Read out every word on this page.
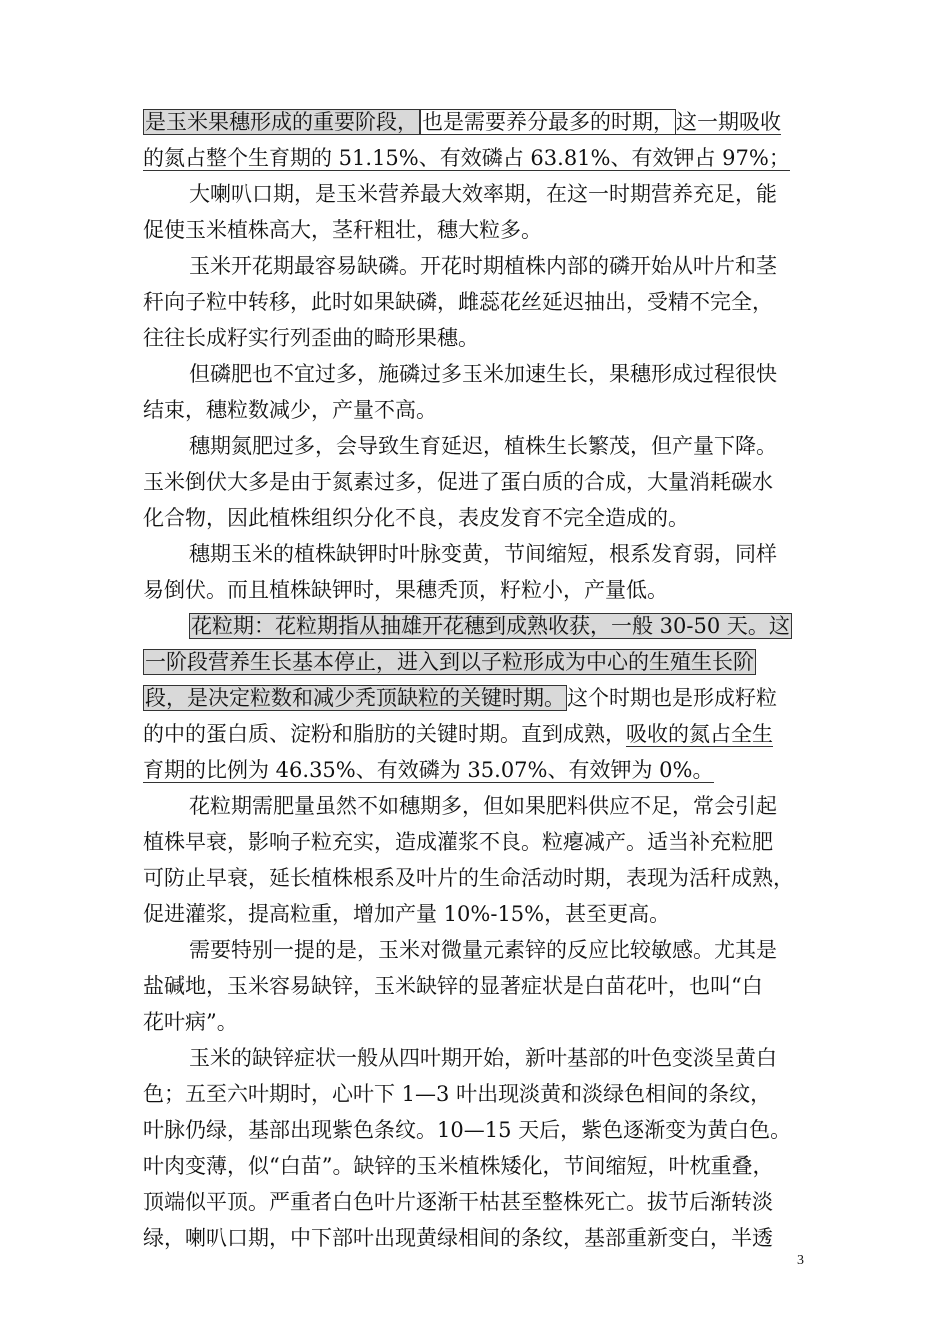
是玉米果穗形成的重要阶段， 也是需要养分最多的时期，这一期吸收
的氮占整个生育期的 51.15%、有效磷占 63.81%、有效钾占 97%；
大喇叭口期，是玉米营养最大效率期，在这一时期营养充足，能
促使玉米植株高大，茎秆粗壮，穗大粒多。
玉米开花期最容易缺磷。开花时期植株内部的磷开始从叶片和茎
秆向子粒中转移，此时如果缺磷，雌蕊花丝延迟抽出，受精不完全，
往往长成籽实行列歪曲的畸形果穗。
但磷肥也不宜过多，施磷过多玉米加速生长，果穗形成过程很快
结束，穗粒数减少，产量不高。
穗期氮肥过多，会导致生育延迟，植株生长繁茂，但产量下降。
玉米倒伏大多是由于氮素过多，促进了蛋白质的合成，大量消耗碳水
化合物，因此植株组织分化不良，表皮发育不完全造成的。
穗期玉米的植株缺钾时叶脉变黄，节间缩短，根系发育弱，同样
易倒伏。而且植株缺钾时，果穗秃顶，籽粒小，产量低。
花粒期：花粒期指从抽雄开花穗到成熟收获，一般 30-50 天。这
一阶段营养生长基本停止，进入到以子粒形成为中心的生殖生长阶
段，是决定粒数和减少秃顶缺粒的关键时期。这个时期也是形成籽粒
的中的蛋白质、淀粉和脂肪的关键时期。直到成熟，吸收的氮占全生
育期的比例为 46.35%、有效磷为 35.07%、有效钾为 0%。
花粒期需肥量虽然不如穗期多，但如果肥料供应不足，常会引起
植株早衰，影响子粒充实，造成灌浆不良。粒瘪减产。适当补充粒肥
可防止早衰，延长植株根系及叶片的生命活动时期，表现为活秆成熟，
促进灌浆，提高粒重，增加产量 10%-15%，甚至更高。
需要特别一提的是，玉米对微量元素锌的反应比较敏感。尤其是
盐碱地，玉米容易缺锌，玉米缺锌的显著症状是白苗花叶，也叫“白
花叶病”。
玉米的缺锌症状一般从四叶期开始，新叶基部的叶色变淡呈黄白
色；五至六叶期时，心叶下 1—3 叶出现淡黄和淡绿色相间的条纹，
叶脉仍绿，基部出现紫色条纹。10—15 天后，紫色逐渐变为黄白色。
叶肉变薄，似“白苗”。缺锌的玉米植株矮化，节间缩短，叶枕重叠，
顶端似平顶。严重者白色叶片逐渐干枯甚至整株死亡。拔节后渐转淡
绿，喇叭口期，中下部叶出现黄绿相间的条纹，基部重新变白，半透
3
